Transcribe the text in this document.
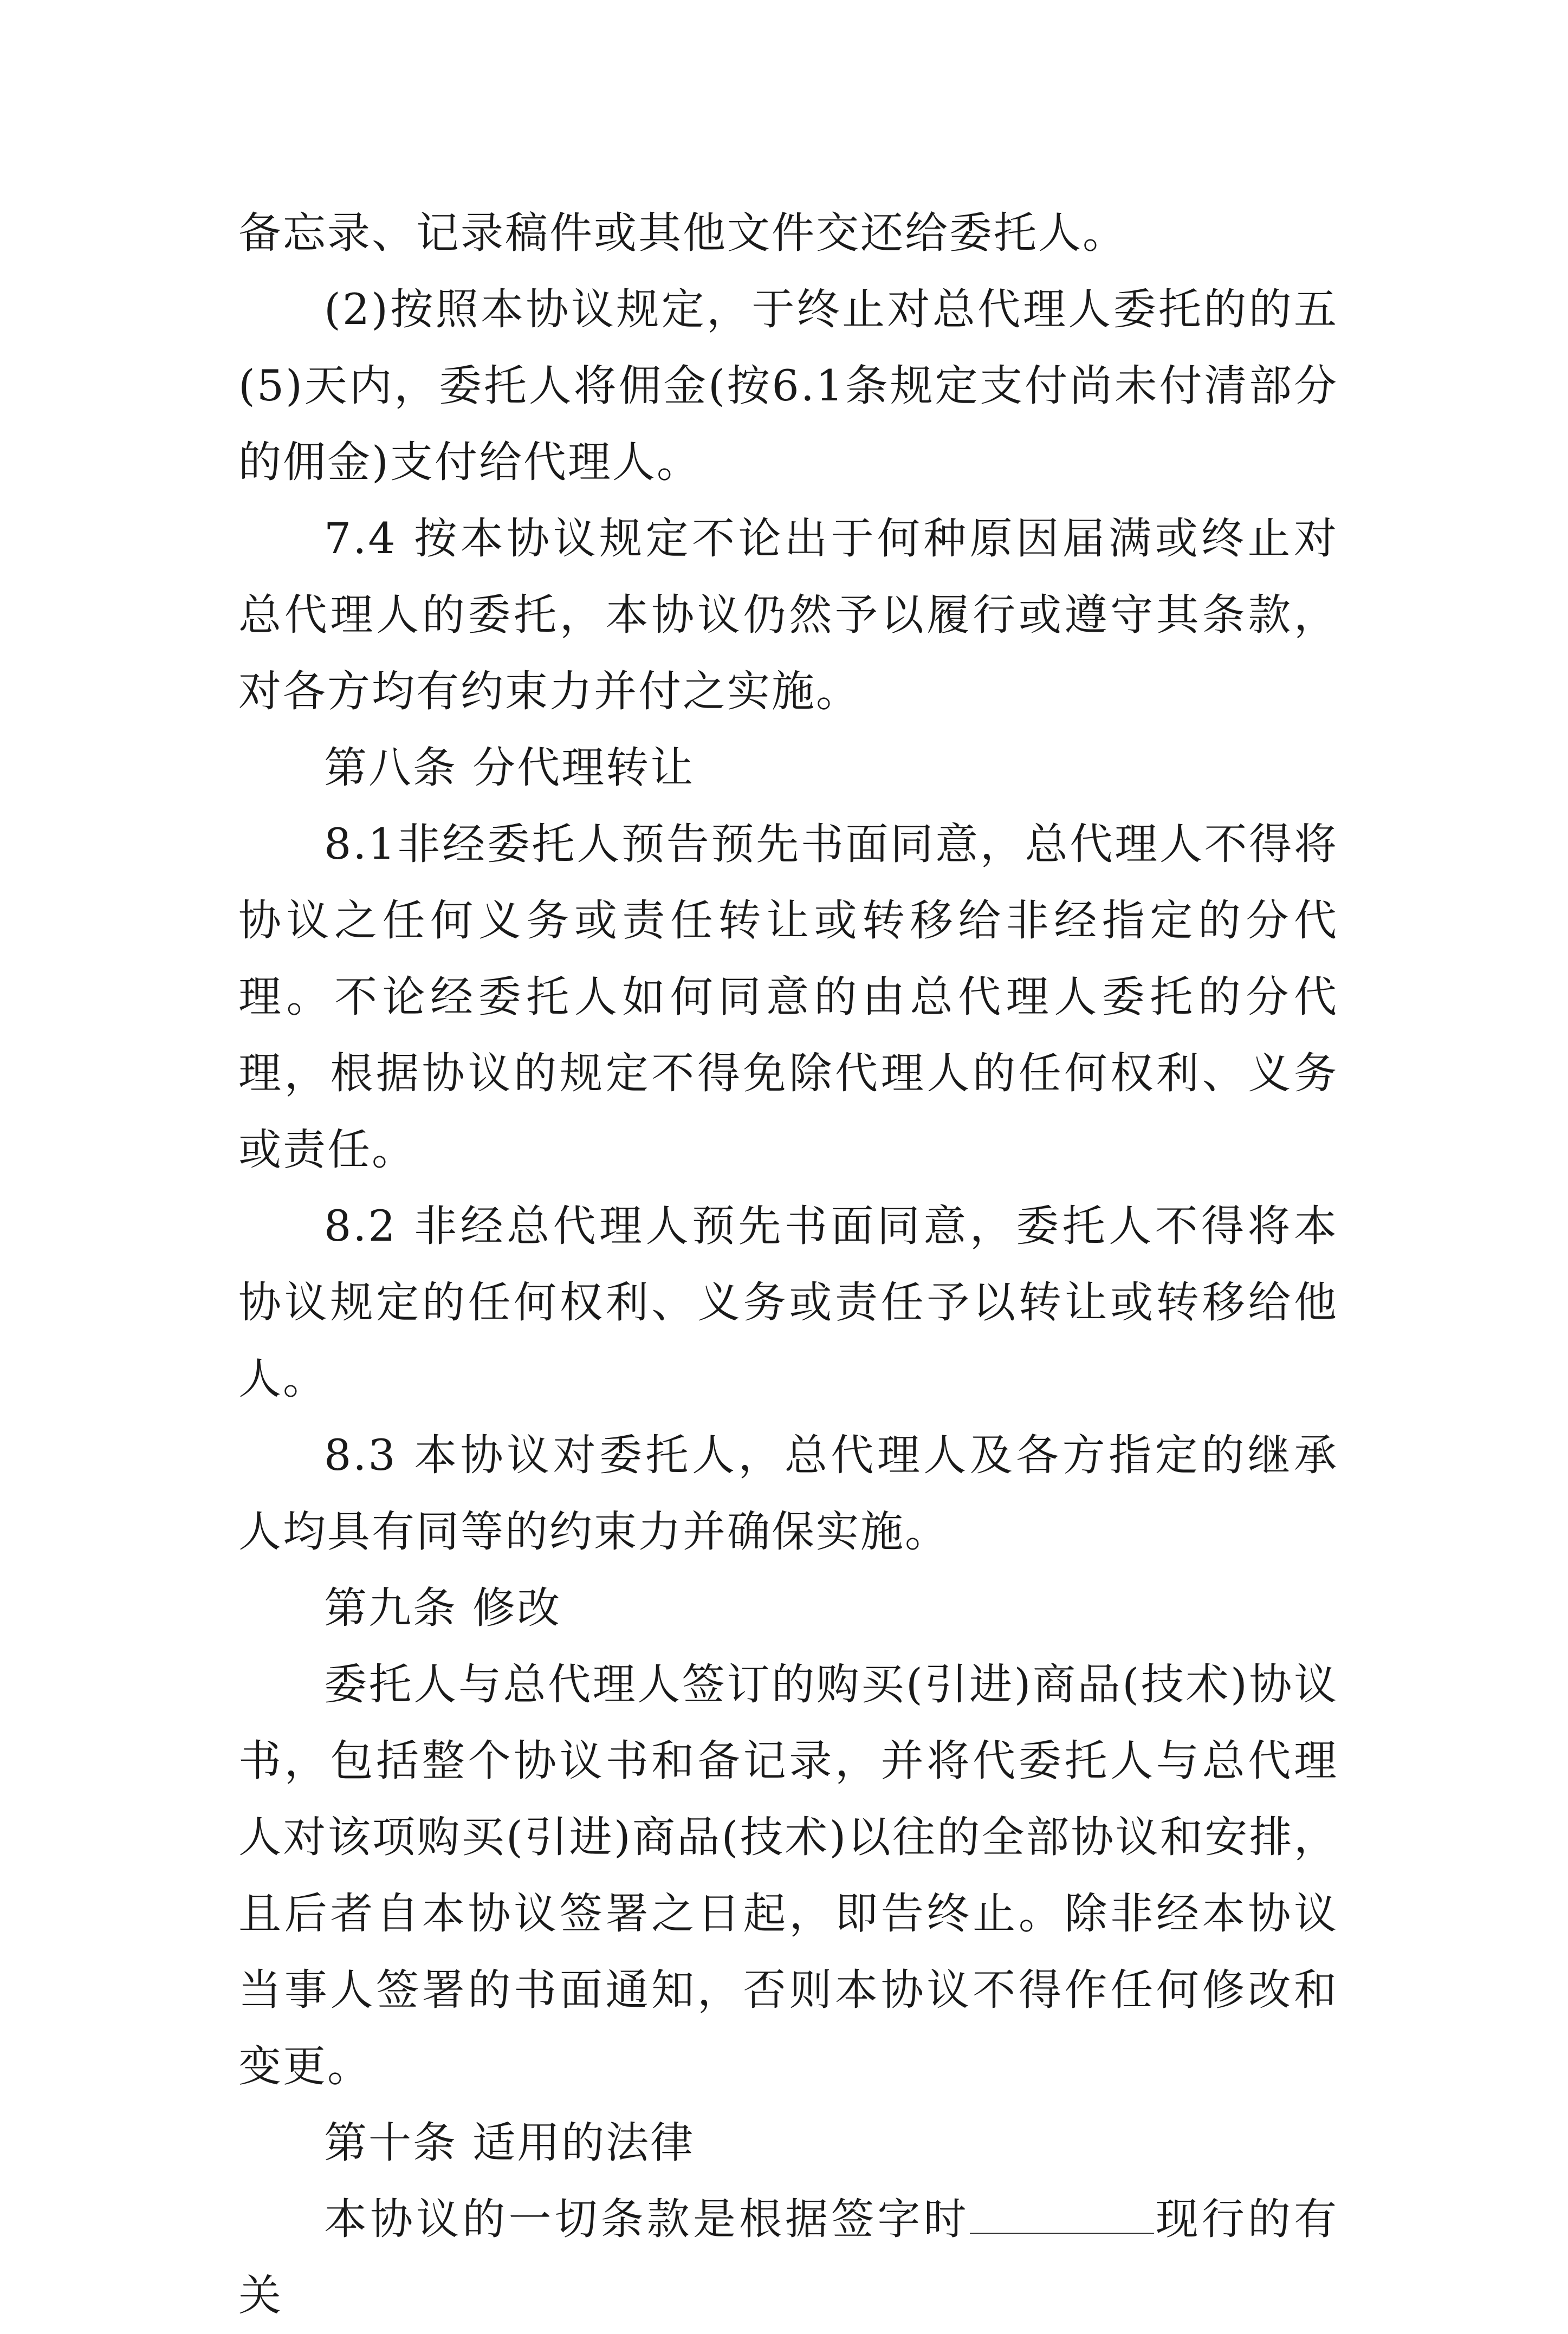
备忘录、记录稿件或其他文件交还给委托人。

(2)按照本协议规定，于终止对总代理人委托的的五(5)天内，委托人将佣金(按6.1条规定支付尚未付清部分的佣金)支付给代理人。

7.4 按本协议规定不论出于何种原因届满或终止对总代理人的委托，本协议仍然予以履行或遵守其条款，对各方均有约束力并付之实施。

第八条 分代理转让

8.1非经委托人预告预先书面同意，总代理人不得将协议之任何义务或责任转让或转移给非经指定的分代理。不论经委托人如何同意的由总代理人委托的分代理，根据协议的规定不得免除代理人的任何权利、义务或责任。

8.2 非经总代理人预先书面同意，委托人不得将本协议规定的任何权利、义务或责任予以转让或转移给他人。

8.3 本协议对委托人，总代理人及各方指定的继承人均具有同等的约束力并确保实施。

第九条 修改

委托人与总代理人签订的购买(引进)商品(技术)协议书，包括整个协议书和备记录，并将代委托人与总代理人对该项购买(引进)商品(技术)以往的全部协议和安排，且后者自本协议签署之日起，即告终止。除非经本协议当事人签署的书面通知，否则本协议不得作任何修改和变更。

第十条 适用的法律

本协议的一切条款是根据签字时	现行的有关
